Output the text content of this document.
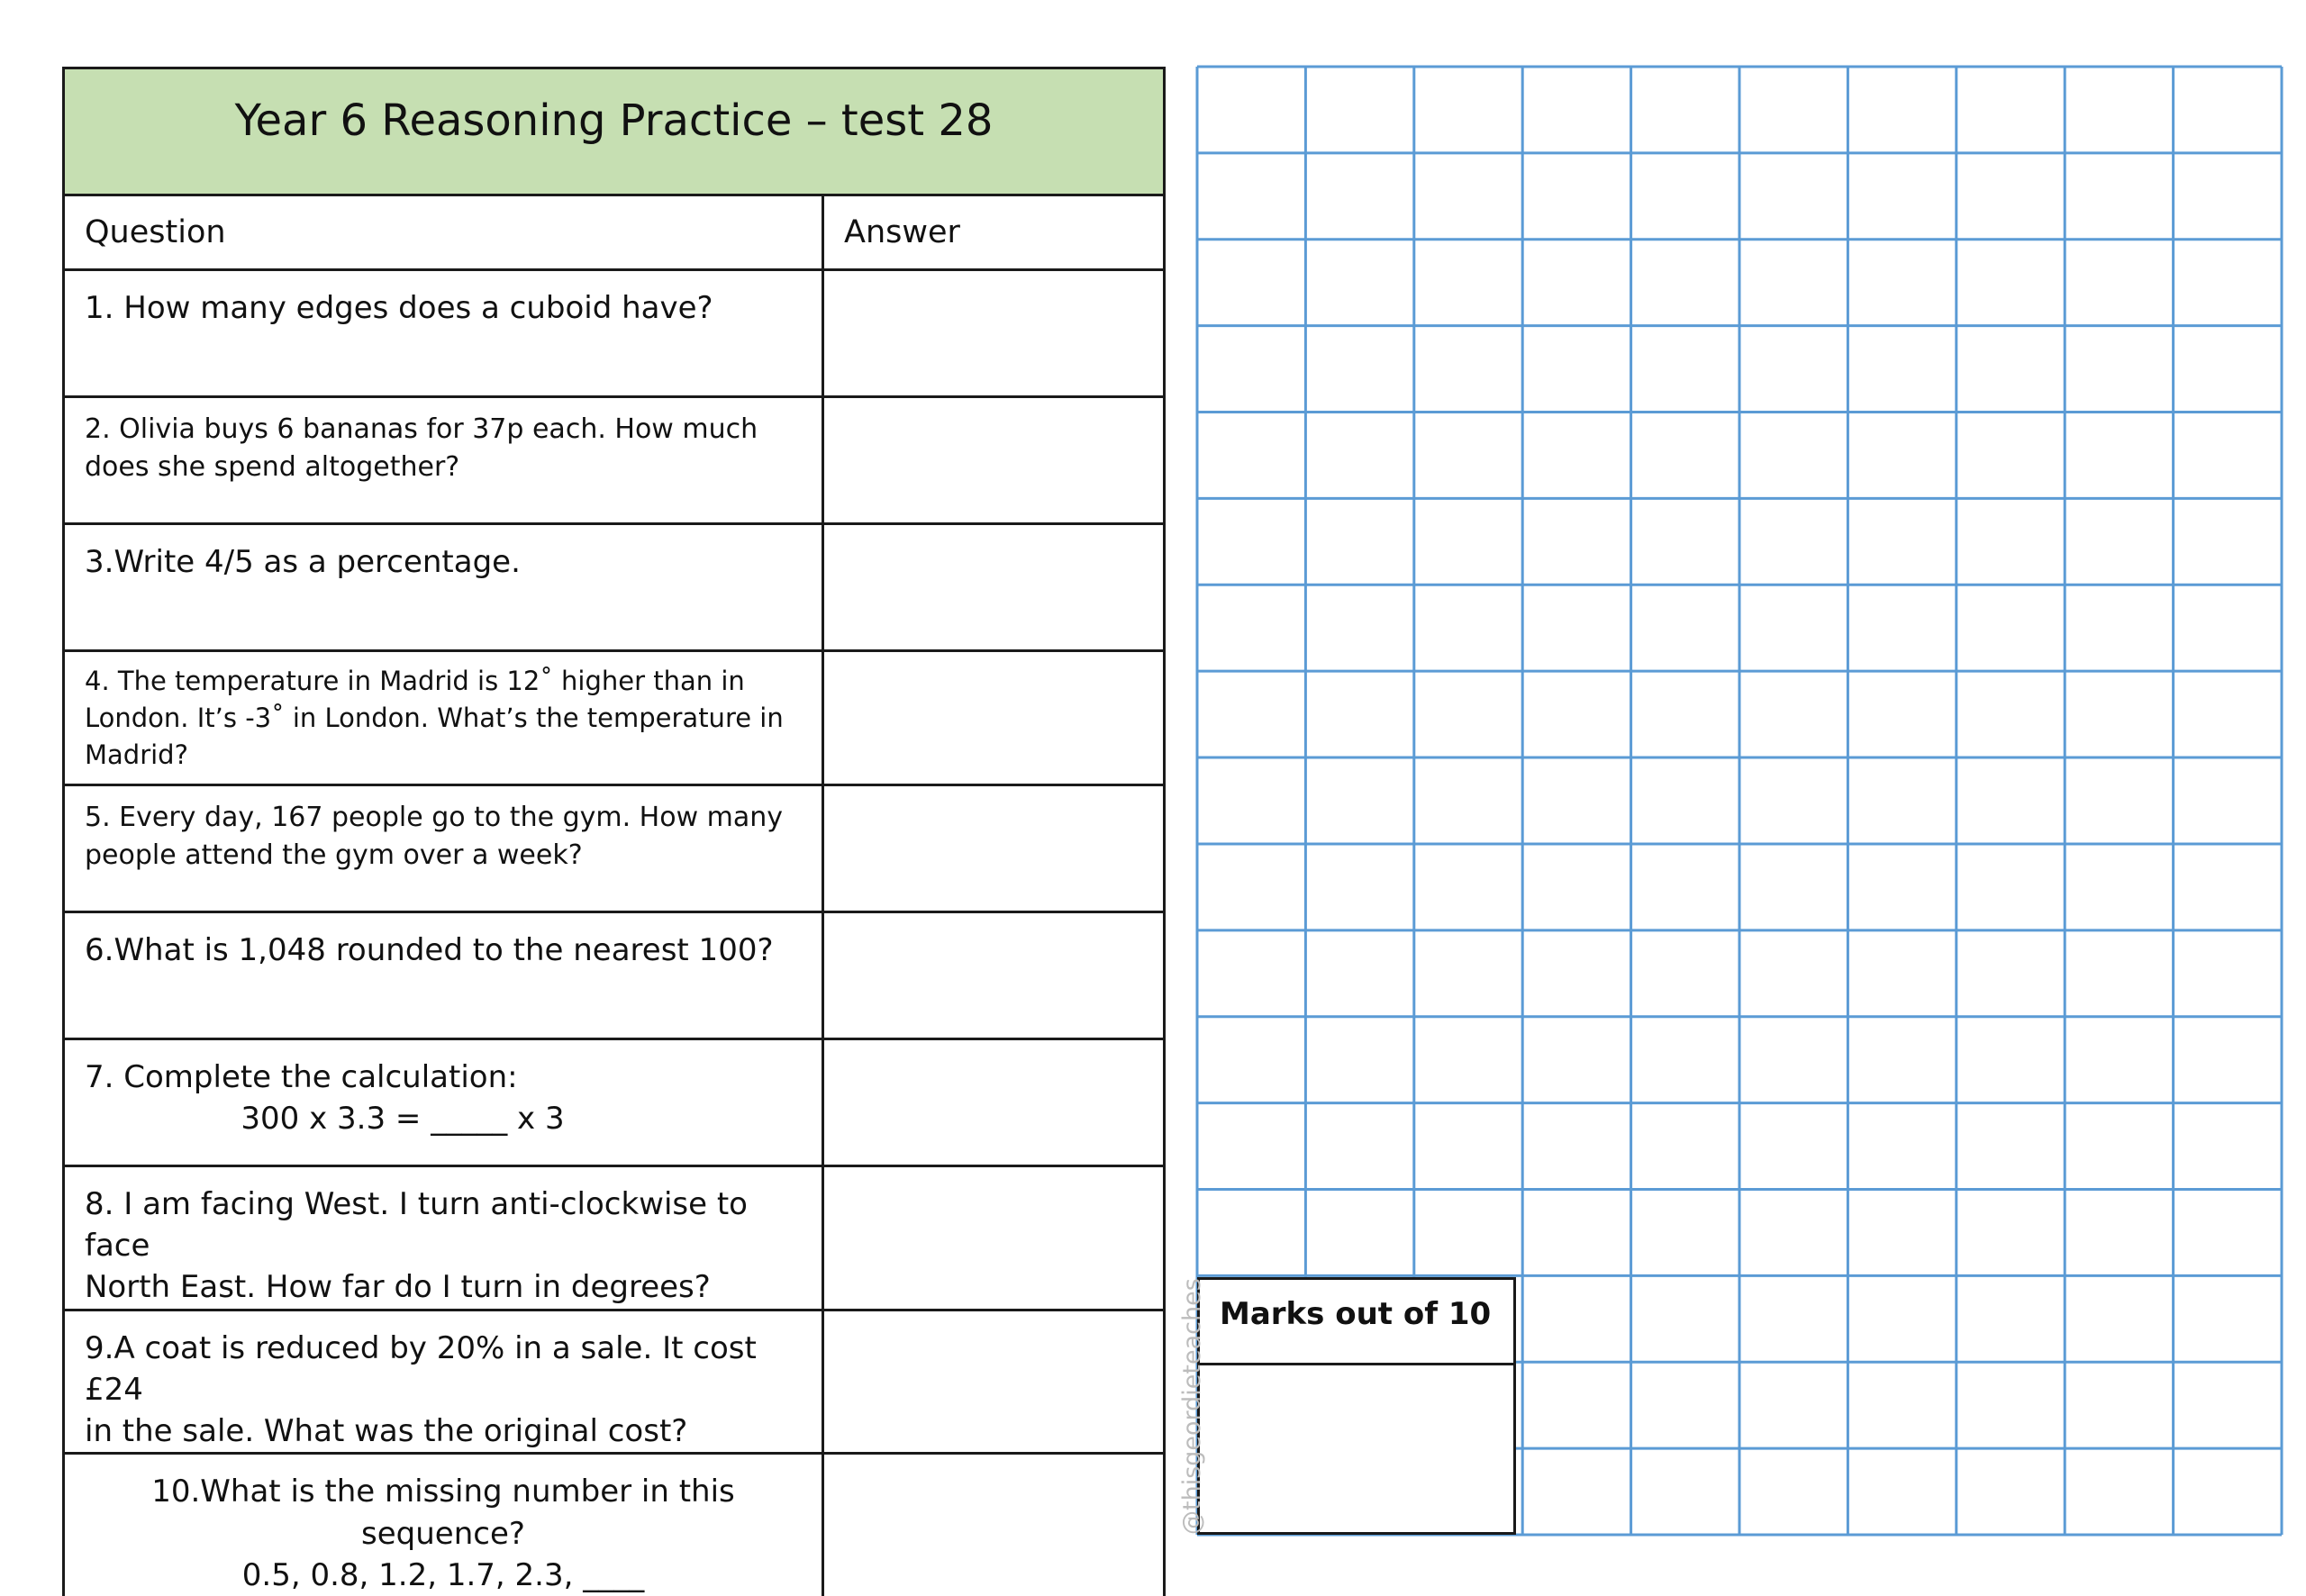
Year 6 Reasoning Practice – test 28	
Question	Answer
1. How many edges does a cuboid have?	
2. Olivia buys 6 bananas for 37p each. How much
does she spend altogether?	
3.Write 4/5 as a percentage.	
4. The temperature in Madrid is 12˚ higher than in
London. It’s -3˚ in London. What’s the temperature in
Madrid?	
5. Every day, 167 people go to the gym. How many
people attend the gym over a week?	
6.What is 1,048 rounded to the nearest 100?	
7. Complete the calculation:

300 x 3.3 = _____ x 3	

8. I am facing West. I turn anti-clockwise to face
North East. How far do I turn in degrees?	
9.A coat is reduced by 20% in a sale. It cost £24
in the sale. What was the original cost?	

10.What is the missing number in this sequence?
0.5, 0.8, 1.2, 1.7, 2.3, ____	

Marks out of 10
@thisgeordieteaches
